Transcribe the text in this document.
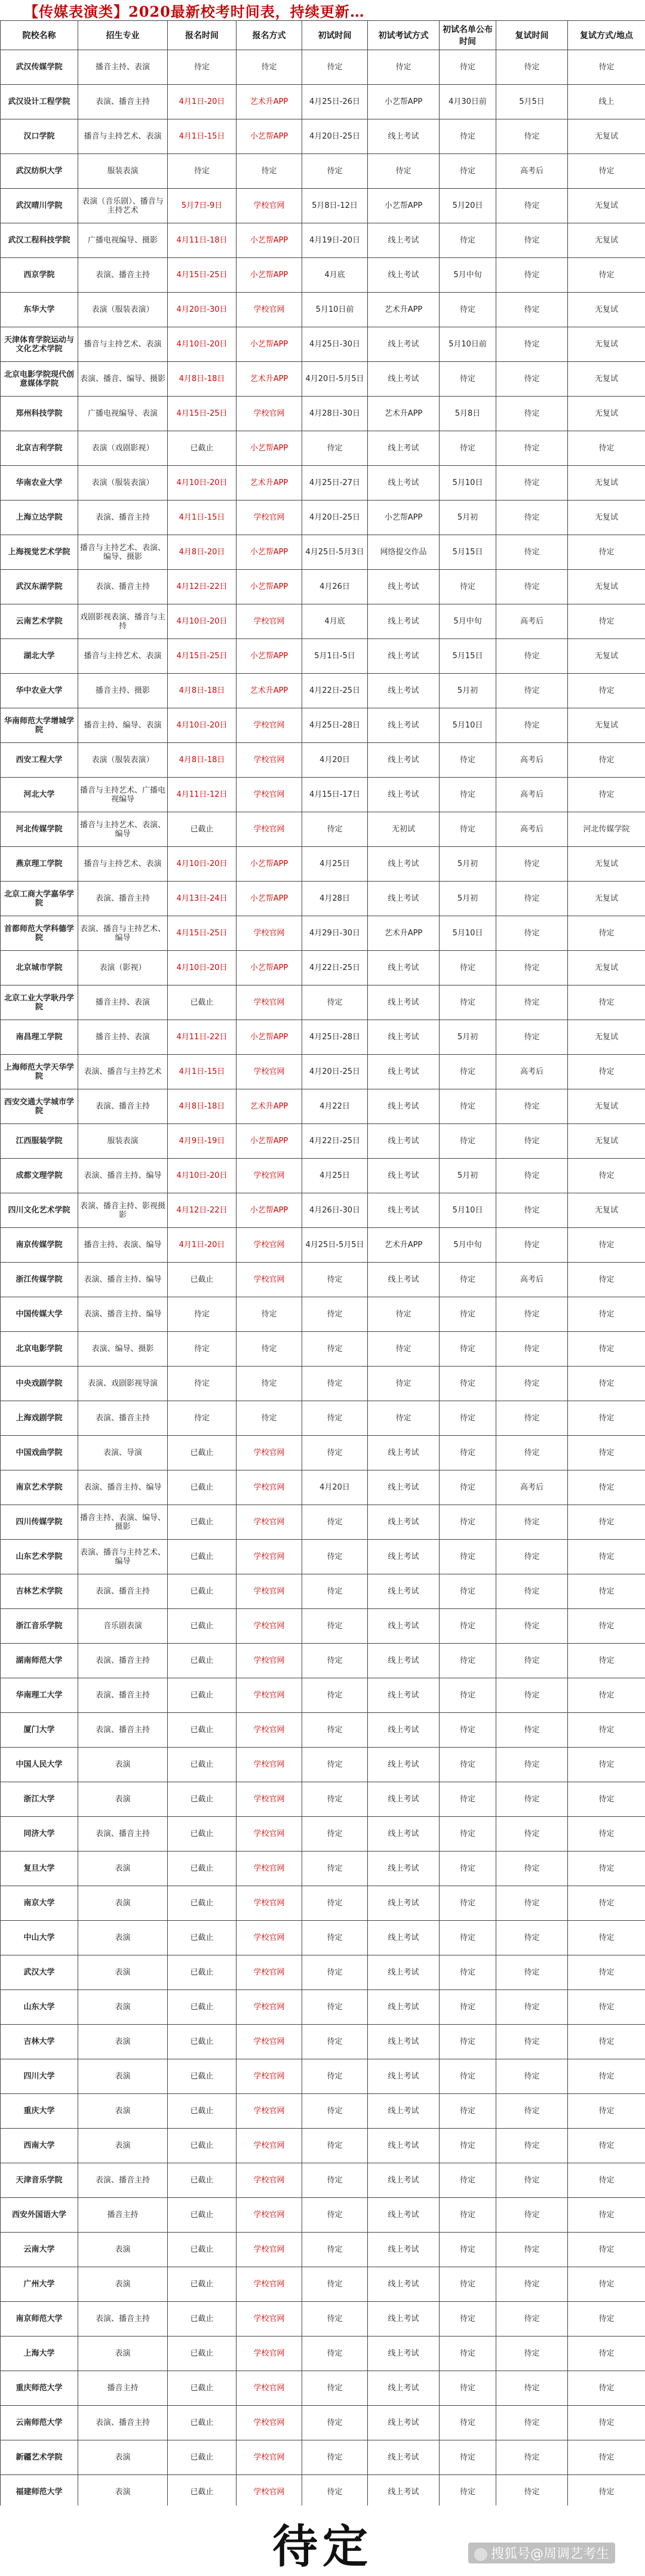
【传媒表演类】2020最新校考时间表，持续更新…
院校名称	招生专业	报名时间	报名方式	初试时间	初试考试方式	初试名单公布时间	复试时间	复试方式/地点
武汉传媒学院	播音主持、表演	待定	待定	待定	待定	待定	待定	待定
武汉设计工程学院	表演、播音主持	4月1日-20日	艺术升APP	4月25日-26日	小艺帮APP	4月30日前	5月5日	线上
汉口学院	播音与主持艺术、表演	4月1日-15日	小艺帮APP	4月20日-25日	线上考试	待定	待定	无复试
武汉纺织大学	服装表演	待定	待定	待定	待定	待定	高考后	待定
武汉晴川学院	表演（音乐剧）、播音与主持艺术	5月7日-9日	学校官网	5月8日-12日	小艺帮APP	5月20日	待定	无复试
武汉工程科技学院	广播电视编导、摄影	4月11日-18日	小艺帮APP	4月19日-20日	线上考试	待定	待定	无复试
西京学院	表演、播音主持	4月15日-25日	小艺帮APP	4月底	线上考试	5月中旬	待定	待定
东华大学	表演（服装表演）	4月20日-30日	学校官网	5月10日前	艺术升APP	待定	待定	无复试
天津体育学院运动与文化艺术学院	播音与主持艺术、表演	4月10日-20日	小艺帮APP	4月25日-30日	线上考试	5月10日前	待定	无复试
北京电影学院现代创意媒体学院	表演、播音、编导、摄影	4月8日-18日	艺术升APP	4月20日-5月5日	线上考试	待定	待定	无复试
郑州科技学院	广播电视编导、表演	4月15日-25日	学校官网	4月28日-30日	艺术升APP	5月8日	待定	无复试
北京吉利学院	表演（戏剧影视）	已截止	小艺帮APP	待定	线上考试	待定	待定	待定
华南农业大学	表演（服装表演）	4月10日-20日	艺术升APP	4月25日-27日	线上考试	5月10日	待定	无复试
上海立达学院	表演、播音主持	4月1日-15日	学校官网	4月20日-25日	小艺帮APP	5月初	待定	无复试
上海视觉艺术学院	播音与主持艺术、表演、编导、摄影	4月8日-20日	小艺帮APP	4月25日-5月3日	网络提交作品	5月15日	待定	待定
武汉东湖学院	表演、播音主持	4月12日-22日	小艺帮APP	4月26日	线上考试	待定	待定	无复试
云南艺术学院	戏剧影视表演、播音与主持	4月10日-20日	学校官网	4月底	线上考试	5月中旬	高考后	待定
湖北大学	播音与主持艺术、表演	4月15日-25日	小艺帮APP	5月1日-5日	线上考试	5月15日	待定	无复试
华中农业大学	播音主持、摄影	4月8日-18日	艺术升APP	4月22日-25日	线上考试	5月初	待定	待定
华南师范大学增城学院	播音主持、编导、表演	4月10日-20日	学校官网	4月25日-28日	线上考试	5月10日	待定	无复试
西安工程大学	表演（服装表演）	4月8日-18日	学校官网	4月20日	线上考试	待定	高考后	待定
河北大学	播音与主持艺术、广播电视编导	4月11日-12日	学校官网	4月15日-17日	线上考试	待定	高考后	待定
河北传媒学院	播音与主持艺术、表演、编导	已截止	学校官网	待定	无初试	待定	高考后	河北传媒学院
燕京理工学院	播音与主持艺术、表演	4月10日-20日	小艺帮APP	4月25日	线上考试	5月初	待定	无复试
北京工商大学嘉华学院	表演、播音主持	4月13日-24日	小艺帮APP	4月28日	线上考试	5月初	待定	无复试
首都师范大学科德学院	表演、播音与主持艺术、编导	4月15日-25日	学校官网	4月29日-30日	艺术升APP	5月10日	待定	待定
北京城市学院	表演（影视）	4月10日-20日	小艺帮APP	4月22日-25日	线上考试	待定	待定	无复试
北京工业大学耿丹学院	播音主持、表演	已截止	学校官网	待定	线上考试	待定	待定	待定
南昌理工学院	播音主持、表演	4月11日-22日	小艺帮APP	4月25日-28日	线上考试	5月初	待定	无复试
上海师范大学天华学院	表演、播音与主持艺术	4月1日-15日	学校官网	4月20日-25日	线上考试	待定	高考后	待定
西安交通大学城市学院	表演、播音主持	4月8日-18日	艺术升APP	4月22日	线上考试	待定	待定	无复试
江西服装学院	服装表演	4月9日-19日	小艺帮APP	4月22日-25日	线上考试	待定	待定	无复试
成都文理学院	表演、播音主持、编导	4月10日-20日	学校官网	4月25日	线上考试	5月初	待定	待定
四川文化艺术学院	表演、播音主持、影视摄影	4月12日-22日	小艺帮APP	4月26日-30日	线上考试	5月10日	待定	无复试
南京传媒学院	播音主持、表演、编导	4月1日-20日	学校官网	4月25日-5月5日	艺术升APP	5月中旬	待定	待定
浙江传媒学院	表演、播音主持、编导	已截止	学校官网	待定	线上考试	待定	高考后	待定
中国传媒大学	表演、播音主持、编导	待定	待定	待定	待定	待定	待定	待定
北京电影学院	表演、编导、摄影	待定	待定	待定	待定	待定	待定	待定
中央戏剧学院	表演、戏剧影视导演	待定	待定	待定	待定	待定	待定	待定
上海戏剧学院	表演、播音主持	待定	待定	待定	待定	待定	待定	待定
中国戏曲学院	表演、导演	已截止	学校官网	待定	线上考试	待定	待定	待定
南京艺术学院	表演、播音主持、编导	已截止	学校官网	4月20日	线上考试	待定	高考后	待定
四川传媒学院	播音主持、表演、编导、摄影	已截止	学校官网	待定	线上考试	待定	待定	待定
山东艺术学院	表演、播音与主持艺术、编导	已截止	学校官网	待定	线上考试	待定	待定	待定
吉林艺术学院	表演、播音主持	已截止	学校官网	待定	线上考试	待定	待定	待定
浙江音乐学院	音乐剧表演	已截止	学校官网	待定	线上考试	待定	待定	待定
湖南师范大学	表演、播音主持	已截止	学校官网	待定	线上考试	待定	待定	待定
华南理工大学	表演、播音主持	已截止	学校官网	待定	线上考试	待定	待定	待定
厦门大学	表演、播音主持	已截止	学校官网	待定	线上考试	待定	待定	待定
中国人民大学	表演	已截止	学校官网	待定	线上考试	待定	待定	待定
浙江大学	表演	已截止	学校官网	待定	线上考试	待定	待定	待定
同济大学	表演、播音主持	已截止	学校官网	待定	线上考试	待定	待定	待定
复旦大学	表演	已截止	学校官网	待定	线上考试	待定	待定	待定
南京大学	表演	已截止	学校官网	待定	线上考试	待定	待定	待定
中山大学	表演	已截止	学校官网	待定	线上考试	待定	待定	待定
武汉大学	表演	已截止	学校官网	待定	线上考试	待定	待定	待定
山东大学	表演	已截止	学校官网	待定	线上考试	待定	待定	待定
吉林大学	表演	已截止	学校官网	待定	线上考试	待定	待定	待定
四川大学	表演	已截止	学校官网	待定	线上考试	待定	待定	待定
重庆大学	表演	已截止	学校官网	待定	线上考试	待定	待定	待定
西南大学	表演	已截止	学校官网	待定	线上考试	待定	待定	待定
天津音乐学院	表演、播音主持	已截止	学校官网	待定	线上考试	待定	待定	待定
西安外国语大学	播音主持	已截止	学校官网	待定	线上考试	待定	待定	待定
云南大学	表演	已截止	学校官网	待定	线上考试	待定	待定	待定
广州大学	表演	已截止	学校官网	待定	线上考试	待定	待定	待定
南京师范大学	表演、播音主持	已截止	学校官网	待定	线上考试	待定	待定	待定
上海大学	表演	已截止	学校官网	待定	线上考试	待定	待定	待定
重庆师范大学	播音主持	已截止	学校官网	待定	线上考试	待定	待定	待定
云南师范大学	表演、播音主持	已截止	学校官网	待定	线上考试	待定	待定	待定
新疆艺术学院	表演	已截止	学校官网	待定	线上考试	待定	待定	待定
福建师范大学	表演	已截止	学校官网	待定	线上考试	待定	待定	待定
待定	搜狐号@周调艺考生
